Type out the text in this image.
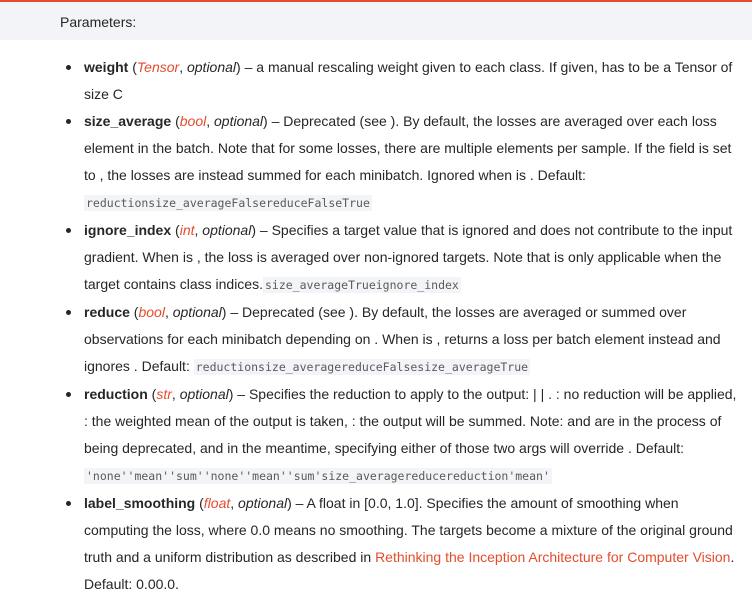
Parameters:
weight (Tensor, optional) – a manual rescaling weight given to each class. If given, has to be a Tensor of size C
size_average (bool, optional) – Deprecated (see ). By default, the losses are averaged over each loss element in the batch. Note that for some losses, there are multiple elements per sample. If the field is set to , the losses are instead summed for each minibatch. Ignored when is . Default: reductionsize_averageFalsereduceFalseTrue
ignore_index (int, optional) – Specifies a target value that is ignored and does not contribute to the input gradient. When is , the loss is averaged over non-ignored targets. Note that is only applicable when the target contains class indices. size_averageTrueignore_index
reduce (bool, optional) – Deprecated (see ). By default, the losses are averaged or summed over observations for each minibatch depending on . When is , returns a loss per batch element instead and ignores . Default: reductionsize_averagereduceFalsesize_averageTrue
reduction (str, optional) – Specifies the reduction to apply to the output: | | . : no reduction will be applied, : the weighted mean of the output is taken, : the output will be summed. Note: and are in the process of being deprecated, and in the meantime, specifying either of those two args will override . Default: 'none''mean''sum''none''mean''sum'size_averagereducereduction'mean'
label_smoothing (float, optional) – A float in [0.0, 1.0]. Specifies the amount of smoothing when computing the loss, where 0.0 means no smoothing. The targets become a mixture of the original ground truth and a uniform distribution as described in Rethinking the Inception Architecture for Computer Vision. Default: 0.00.0.
